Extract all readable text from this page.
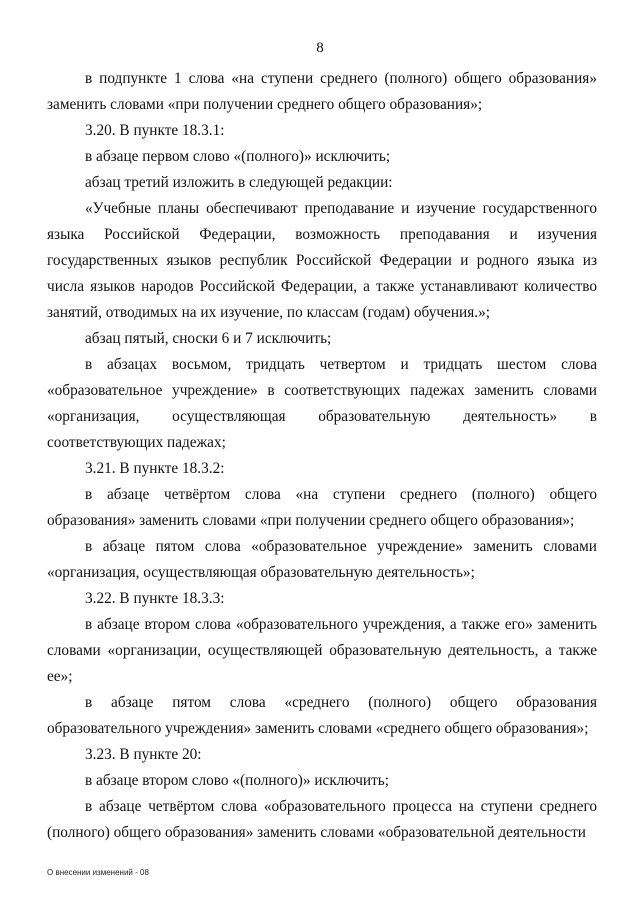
8

в подпункте 1 слова «на ступени среднего (полного) общего образования» заменить словами «при получении среднего общего образования»;

3.20. В пункте 18.3.1:

в абзаце первом слово «(полного)» исключить;

абзац третий изложить в следующей редакции:

«Учебные планы обеспечивают преподавание и изучение государственного языка Российской Федерации, возможность преподавания и изучения государственных языков республик Российской Федерации и родного языка из числа языков народов Российской Федерации, а также устанавливают количество занятий, отводимых на их изучение, по классам (годам) обучения.»;

абзац пятый, сноски 6 и 7 исключить;

в абзацах восьмом, тридцать четвертом и тридцать шестом слова «образовательное учреждение» в соответствующих падежах заменить словами «организация, осуществляющая образовательную деятельность» в соответствующих падежах;

3.21. В пункте 18.3.2:

в абзаце четвёртом слова «на ступени среднего (полного) общего образования» заменить словами «при получении среднего общего образования»;

в абзаце пятом слова «образовательное учреждение» заменить словами «организация, осуществляющая образовательную деятельность»;

3.22. В пункте 18.3.3:

в абзаце втором слова «образовательного учреждения, а также его» заменить словами «организации, осуществляющей образовательную деятельность, а также ее»;

в абзаце пятом слова «среднего (полного) общего образования образовательного учреждения» заменить словами «среднего общего образования»;

3.23. В пункте 20:

в абзаце втором слово «(полного)» исключить;

в абзаце четвёртом слова «образовательного процесса на ступени среднего (полного) общего образования» заменить словами «образовательной деятельности

О внесении изменений - 08
